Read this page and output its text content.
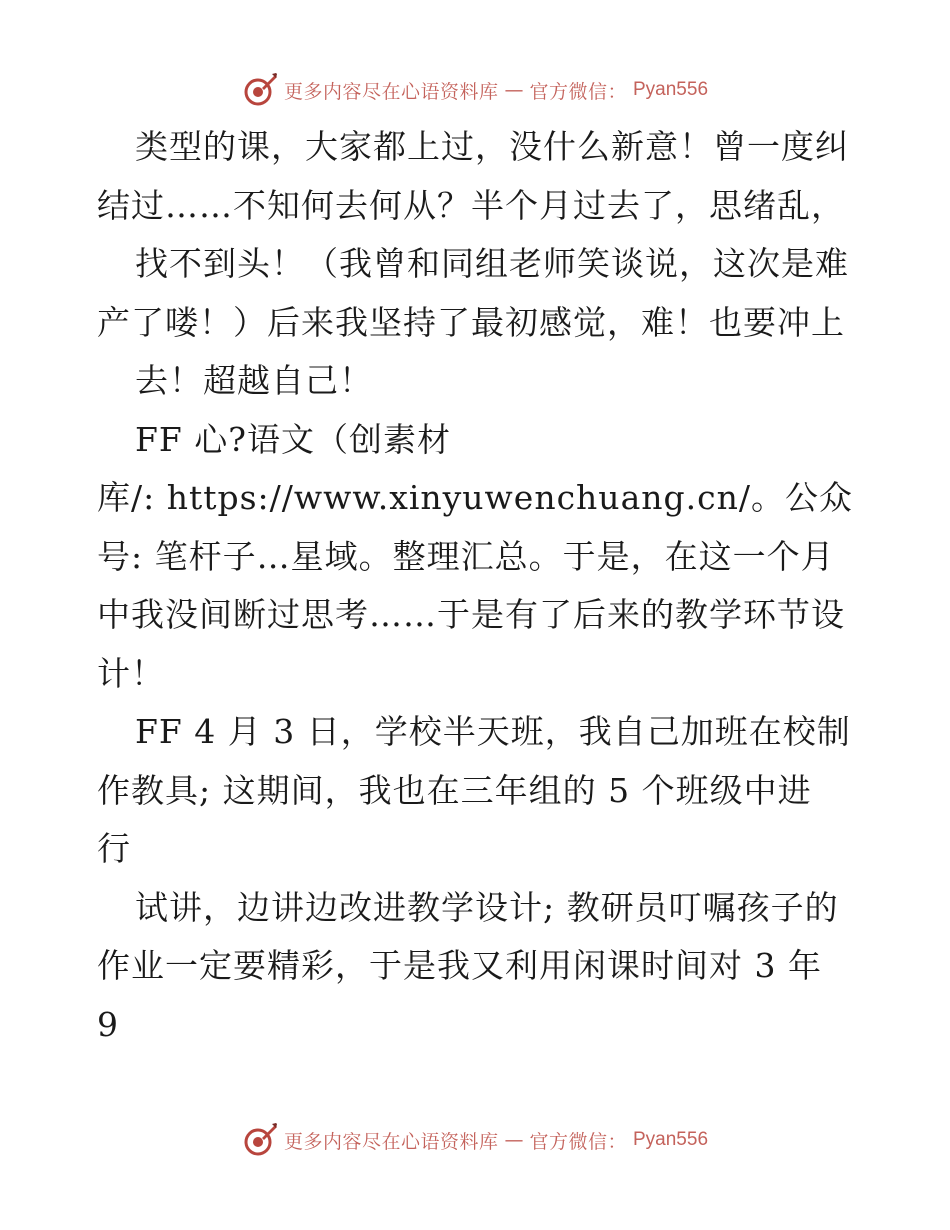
更多内容尽在心语资料库 — 官方微信： Pyan556
类型的课，大家都上过，没什么新意！曾一度纠
结过……不知何去何从？半个月过去了，思绪乱，
找不到头！（我曾和同组老师笑谈说，这次是难
产了喽！）后来我坚持了最初感觉，难！也要冲上
去！超越自己！
FF 心?语文（创素材
库/: https://www.xinyuwenchuang.cn/。公众
号: 笔杆子…星域。整理汇总。于是，在这一个月
中我没间断过思考……于是有了后来的教学环节设
计！
FF 4 月 3 日，学校半天班，我自己加班在校制
作教具; 这期间，我也在三年组的 5 个班级中进
行
试讲，边讲边改进教学设计; 教研员叮嘱孩子的
作业一定要精彩，于是我又利用闲课时间对 3 年
9
更多内容尽在心语资料库 — 官方微信： Pyan556
